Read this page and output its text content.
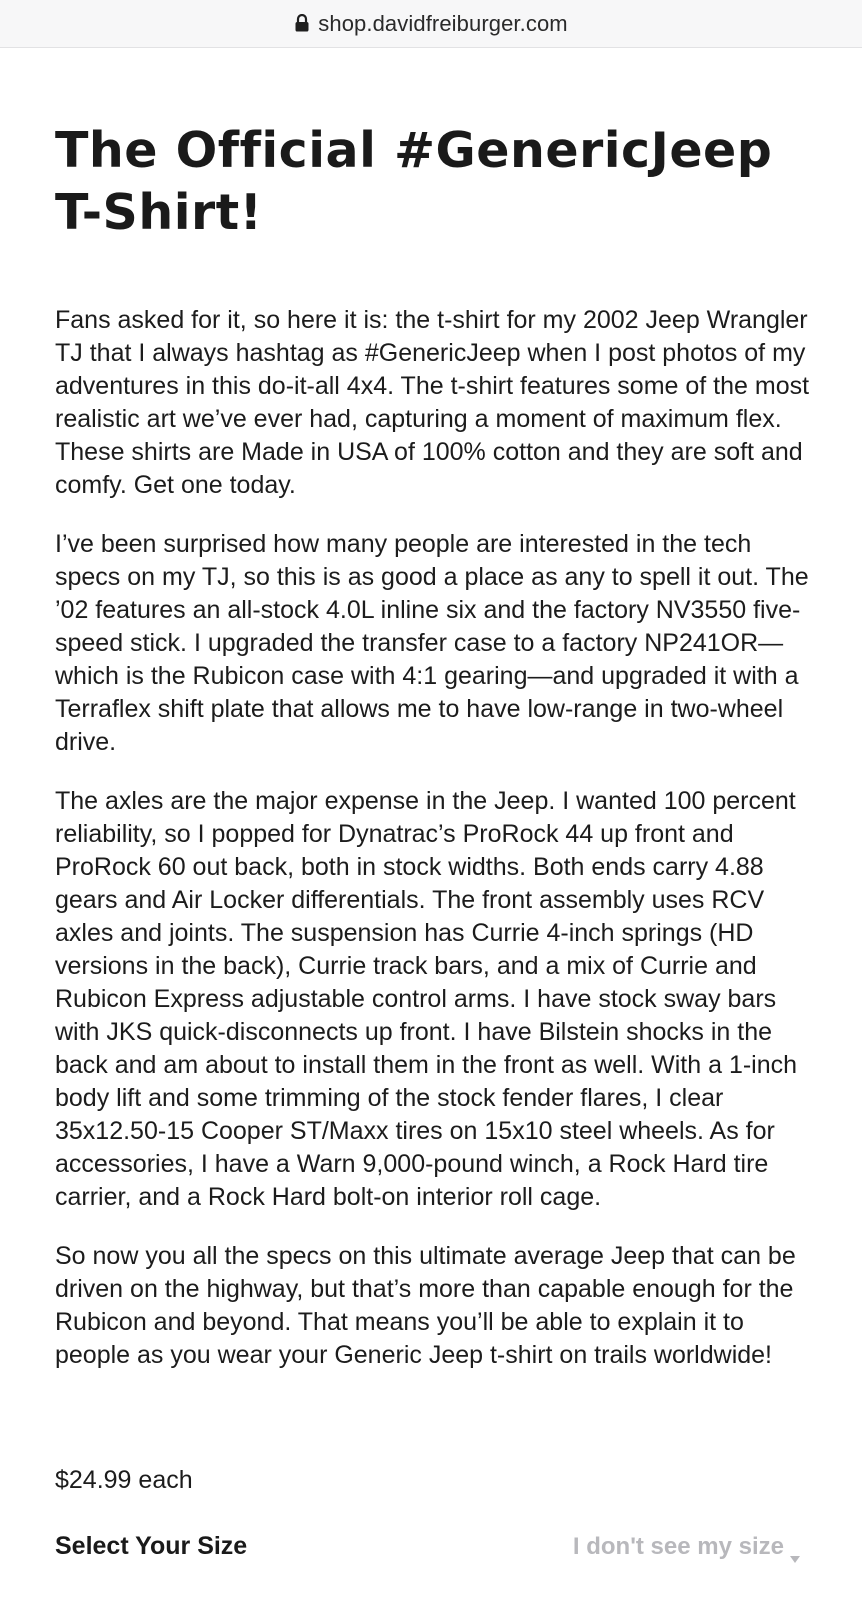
shop.davidfreiburger.com
The Official #GenericJeep T-Shirt!

Fans asked for it, so here it is: the t-shirt for my 2002 Jeep Wrangler TJ that I always hashtag as #GenericJeep when I post photos of my adventures in this do-it-all 4x4. The t-shirt features some of the most realistic art we’ve ever had, capturing a moment of maximum flex. These shirts are Made in USA of 100% cotton and they are soft and comfy. Get one today.

I’ve been surprised how many people are interested in the tech specs on my TJ, so this is as good a place as any to spell it out. The ’02 features an all-stock 4.0L inline six and the factory NV3550 five-speed stick. I upgraded the transfer case to a factory NP241OR—which is the Rubicon case with 4:1 gearing—and upgraded it with a Terraflex shift plate that allows me to have low-range in two-wheel drive.

The axles are the major expense in the Jeep. I wanted 100 percent reliability, so I popped for Dynatrac’s ProRock 44 up front and ProRock 60 out back, both in stock widths. Both ends carry 4.88 gears and Air Locker differentials. The front assembly uses RCV axles and joints. The suspension has Currie 4-inch springs (HD versions in the back), Currie track bars, and a mix of Currie and Rubicon Express adjustable control arms. I have stock sway bars with JKS quick-disconnects up front. I have Bilstein shocks in the back and am about to install them in the front as well. With a 1-inch body lift and some trimming of the stock fender flares, I clear 35x12.50-15 Cooper ST/Maxx tires on 15x10 steel wheels. As for accessories, I have a Warn 9,000-pound winch, a Rock Hard tire carrier, and a Rock Hard bolt-on interior roll cage.

So now you all the specs on this ultimate average Jeep that can be driven on the highway, but that’s more than capable enough for the Rubicon and beyond. That means you’ll be able to explain it to people as you wear your Generic Jeep t-shirt on trails worldwide!

$24.99 each
Select Your Size	I don't see my size
